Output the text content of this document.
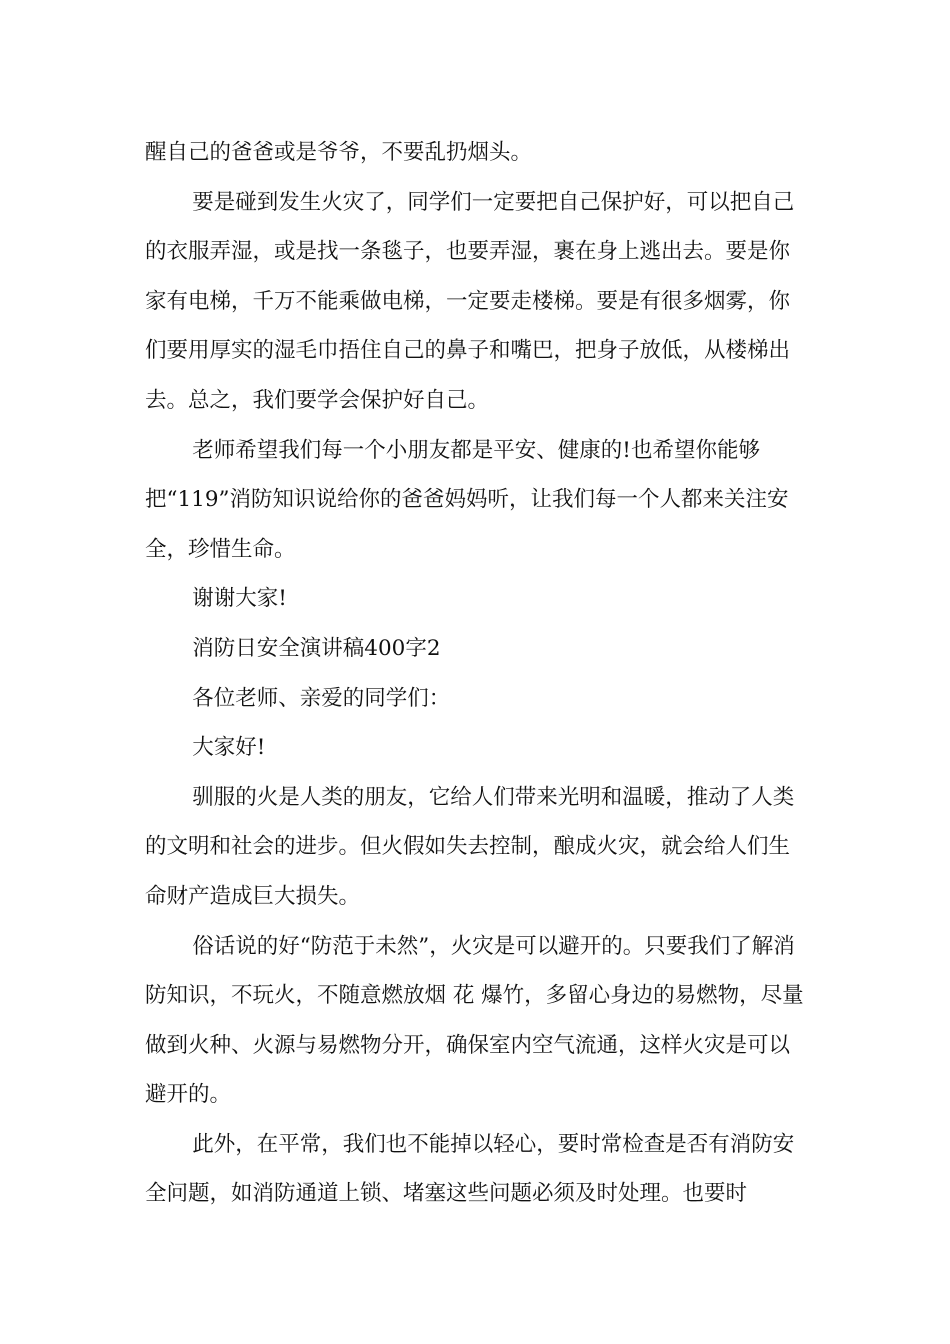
醒自己的爸爸或是爷爷，不要乱扔烟头。

要是碰到发生火灾了，同学们一定要把自己保护好，可以把自己的衣服弄湿，或是找一条毯子，也要弄湿，裹在身上逃出去。要是你家有电梯，千万不能乘做电梯，一定要走楼梯。要是有很多烟雾，你们要用厚实的湿毛巾捂住自己的鼻子和嘴巴，把身子放低，从楼梯出去。总之，我们要学会保护好自己。

老师希望我们每一个小朋友都是平安、健康的!也希望你能够把“119”消防知识说给你的爸爸妈妈听，让我们每一个人都来关注安全，珍惜生命。

谢谢大家!

消防日安全演讲稿400字2

各位老师、亲爱的同学们：

大家好!

驯服的火是人类的朋友，它给人们带来光明和温暖，推动了人类的文明和社会的进步。但火假如失去控制，酿成火灾，就会给人们生命财产造成巨大损失。

俗话说的好“防范于未然”，火灾是可以避开的。只要我们了解消防知识，不玩火，不随意燃放烟 花 爆竹，多留心身边的易燃物，尽量做到火种、火源与易燃物分开，确保室内空气流通，这样火灾是可以避开的。

此外，在平常，我们也不能掉以轻心，要时常检查是否有消防安全问题，如消防通道上锁、堵塞这些问题必须及时处理。也要时
